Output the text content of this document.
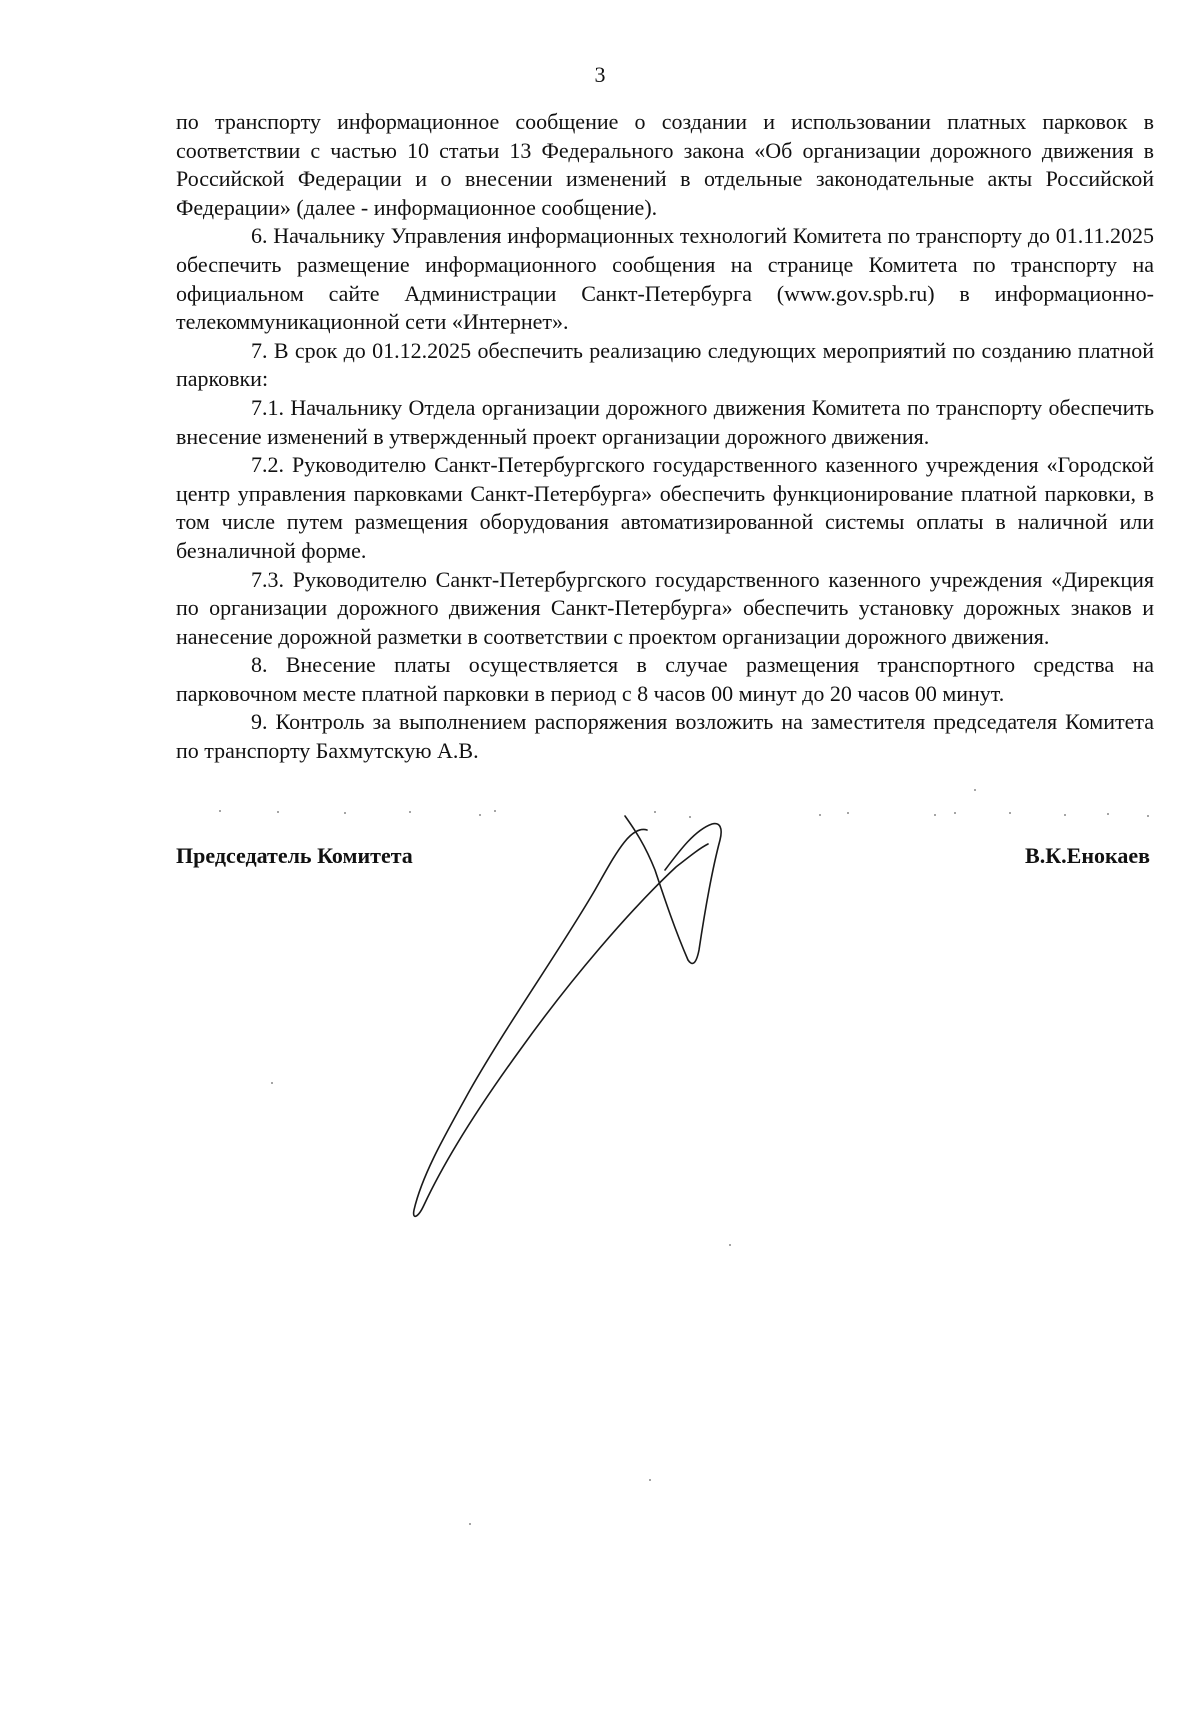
3

по транспорту информационное сообщение о создании и использовании платных парковок в соответствии с частью 10 статьи 13 Федерального закона «Об организации дорожного движения в Российской Федерации и о внесении изменений в отдельные законодательные акты Российской Федерации» (далее - информационное сообщение).

6. Начальнику Управления информационных технологий Комитета по транспорту до 01.11.2025 обеспечить размещение информационного сообщения на странице Комитета по транспорту на официальном сайте Администрации Санкт-Петербурга (www.gov.spb.ru) в информационно-телекоммуникационной сети «Интернет».

7. В срок до 01.12.2025 обеспечить реализацию следующих мероприятий по созданию платной парковки:

7.1. Начальнику Отдела организации дорожного движения Комитета по транспорту обеспечить внесение изменений в утвержденный проект организации дорожного движения.

7.2. Руководителю Санкт-Петербургского государственного казенного учреждения «Городской центр управления парковками Санкт-Петербурга» обеспечить функционирование платной парковки, в том числе путем размещения оборудования автоматизированной системы оплаты в наличной или безналичной форме.

7.3. Руководителю Санкт-Петербургского государственного казенного учреждения «Дирекция по организации дорожного движения Санкт-Петербурга» обеспечить установку дорожных знаков и нанесение дорожной разметки в соответствии с проектом организации дорожного движения.

8. Внесение платы осуществляется в случае размещения транспортного средства на парковочном месте платной парковки в период с 8 часов 00 минут до 20 часов 00 минут.

9. Контроль за выполнением распоряжения возложить на заместителя председателя Комитета по транспорту Бахмутскую А.В.

Председатель Комитета	В.К.Енокаев
